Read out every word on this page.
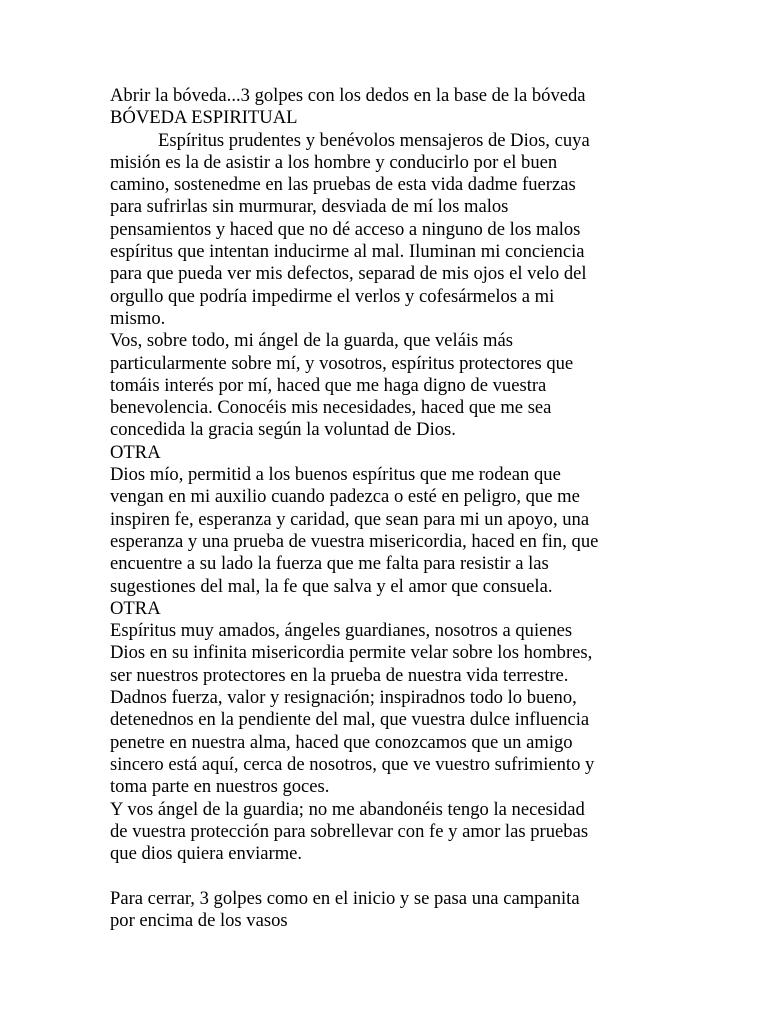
Abrir la bóveda...3 golpes con los dedos en la base de la bóveda

BÓVEDA ESPIRITUAL

Espíritus prudentes y benévolos mensajeros de Dios, cuya

misión es la de asistir a los hombre y conducirlo por el buen

camino, sostenedme en las pruebas de esta vida dadme fuerzas

para sufrirlas sin murmurar, desviada de mí los malos

pensamientos y haced que no dé acceso a ninguno de los malos

espíritus que intentan inducirme al mal. Iluminan mi conciencia

para que pueda ver mis defectos, separad de mis ojos el velo del

orgullo que podría impedirme el verlos y cofesármelos a mi

mismo.

Vos, sobre todo, mi ángel de la guarda, que veláis más

particularmente sobre mí, y vosotros, espíritus protectores que

tomáis interés por mí, haced que me haga digno de vuestra

benevolencia. Conocéis mis necesidades, haced que me sea

concedida la gracia según la voluntad de Dios.

OTRA

Dios mío, permitid a los buenos espíritus que me rodean que

vengan en mi auxilio cuando padezca o esté en peligro, que me

inspiren fe, esperanza y caridad, que sean para mi un apoyo, una

esperanza y una prueba de vuestra misericordia, haced en fin, que

encuentre a su lado la fuerza que me falta para resistir a las

sugestiones del mal, la fe que salva y el amor que consuela.

OTRA

Espíritus muy amados, ángeles guardianes, nosotros a quienes

Dios en su infinita misericordia permite velar sobre los hombres,

ser nuestros protectores en la prueba de nuestra vida terrestre.

Dadnos fuerza, valor y resignación; inspiradnos todo lo bueno,

detenednos en la pendiente del mal, que vuestra dulce influencia

penetre en nuestra alma, haced que conozcamos que un amigo

sincero está aquí, cerca de nosotros, que ve vuestro sufrimiento y

toma parte en nuestros goces.

Y vos ángel de la guardia; no me abandonéis tengo la necesidad

de vuestra protección para sobrellevar con fe y amor las pruebas

que dios quiera enviarme.

Para cerrar, 3 golpes como en el inicio y se pasa una campanita

por encima de los vasos
